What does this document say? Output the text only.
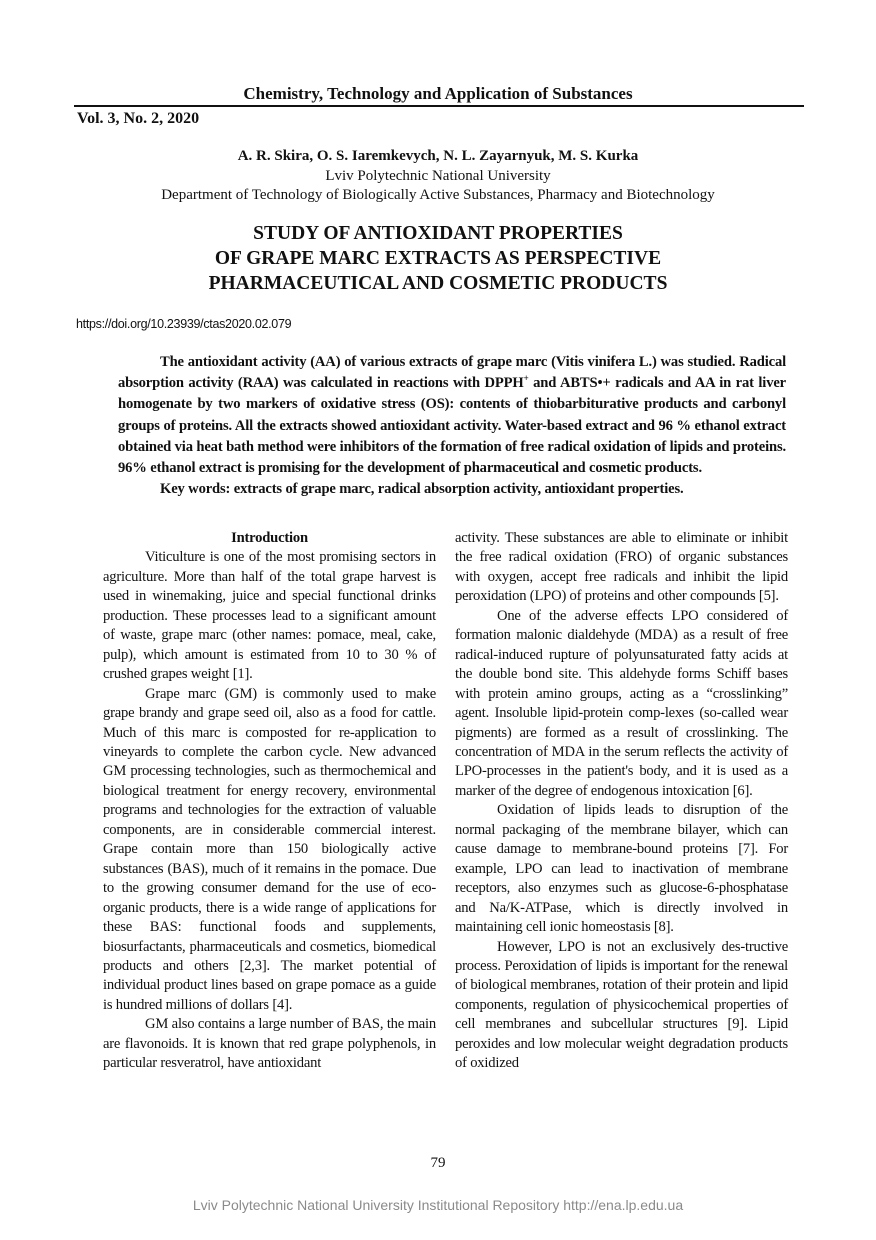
Chemistry, Technology and Application of Substances
Vol. 3, No. 2, 2020
A. R. Skira, O. S. Iaremkevych, N. L. Zayarnyuk, M. S. Kurka
Lviv Polytechnic National University
Department of Technology of Biologically Active Substances, Pharmacy and Biotechnology
STUDY OF ANTIOXIDANT PROPERTIES
OF GRAPE MARC EXTRACTS AS PERSPECTIVE
PHARMACEUTICAL AND COSMETIC PRODUCTS
https://doi.org/10.23939/ctas2020.02.079

The antioxidant activity (AA) of various extracts of grape marc (Vitis vinifera L.) was studied. Radical absorption activity (RAA) was calculated in reactions with DPPH+ and ABTS•+ radicals and AA in rat liver homogenate by two markers of oxidative stress (OS): contents of thiobarbiturative products and carbonyl groups of proteins. All the extracts showed antioxidant activity. Water-based extract and 96 % ethanol extract obtained via heat bath method were inhibitors of the formation of free radical oxidation of lipids and proteins. 96% ethanol extract is promising for the development of pharmaceutical and cosmetic products.

Key words: extracts of grape marc, radical absorption activity, antioxidant properties.

Introduction

Viticulture is one of the most promising sectors in agriculture. More than half of the total grape harvest is used in winemaking, juice and special functional drinks production. These processes lead to a significant amount of waste, grape marc (other names: pomace, meal, cake, pulp), which amount is estimated from 10 to 30 % of crushed grapes weight [1].

Grape marc (GM) is commonly used to make grape brandy and grape seed oil, also as a food for cattle. Much of this marc is composted for re-application to vineyards to complete the carbon cycle. New advanced GM processing technologies, such as thermochemical and biological treatment for energy recovery, environmental programs and technologies for the extraction of valuable components, are in considerable commercial interest. Grape contain more than 150 biologically active substances (BAS), much of it remains in the pomace. Due to the growing consumer demand for the use of eco-organic products, there is a wide range of applications for these BAS: functional foods and supplements, biosurfactants, pharmaceuticals and cosmetics, biomedical products and others [2,3]. The market potential of individual product lines based on grape pomace as a guide is hundred millions of dollars [4].

GM also contains a large number of BAS, the main are flavonoids. It is known that red grape polyphenols, in particular resveratrol, have antioxidant

activity. These substances are able to eliminate or inhibit the free radical oxidation (FRO) of organic substances with oxygen, accept free radicals and inhibit the lipid peroxidation (LPO) of proteins and other compounds [5].

One of the adverse effects LPO considered of formation malonic dialdehyde (MDA) as a result of free radical-induced rupture of polyunsaturated fatty acids at the double bond site. This aldehyde forms Schiff bases with protein amino groups, acting as a “crosslinking” agent. Insoluble lipid-protein comp-lexes (so-called wear pigments) are formed as a result of crosslinking. The concentration of MDA in the serum reflects the activity of LPO-processes in the patient's body, and it is used as a marker of the degree of endogenous intoxication [6].

Oxidation of lipids leads to disruption of the normal packaging of the membrane bilayer, which can cause damage to membrane-bound proteins [7]. For example, LPO can lead to inactivation of membrane receptors, also enzymes such as glucose-6-phosphatase and Na/K-ATPase, which is directly involved in maintaining cell ionic homeostasis [8].

However, LPO is not an exclusively des-tructive process. Peroxidation of lipids is important for the renewal of biological membranes, rotation of their protein and lipid components, regulation of physicochemical properties of cell membranes and subcellular structures [9]. Lipid peroxides and low molecular weight degradation products of oxidized

79
Lviv Polytechnic National University Institutional Repository http://ena.lp.edu.ua
